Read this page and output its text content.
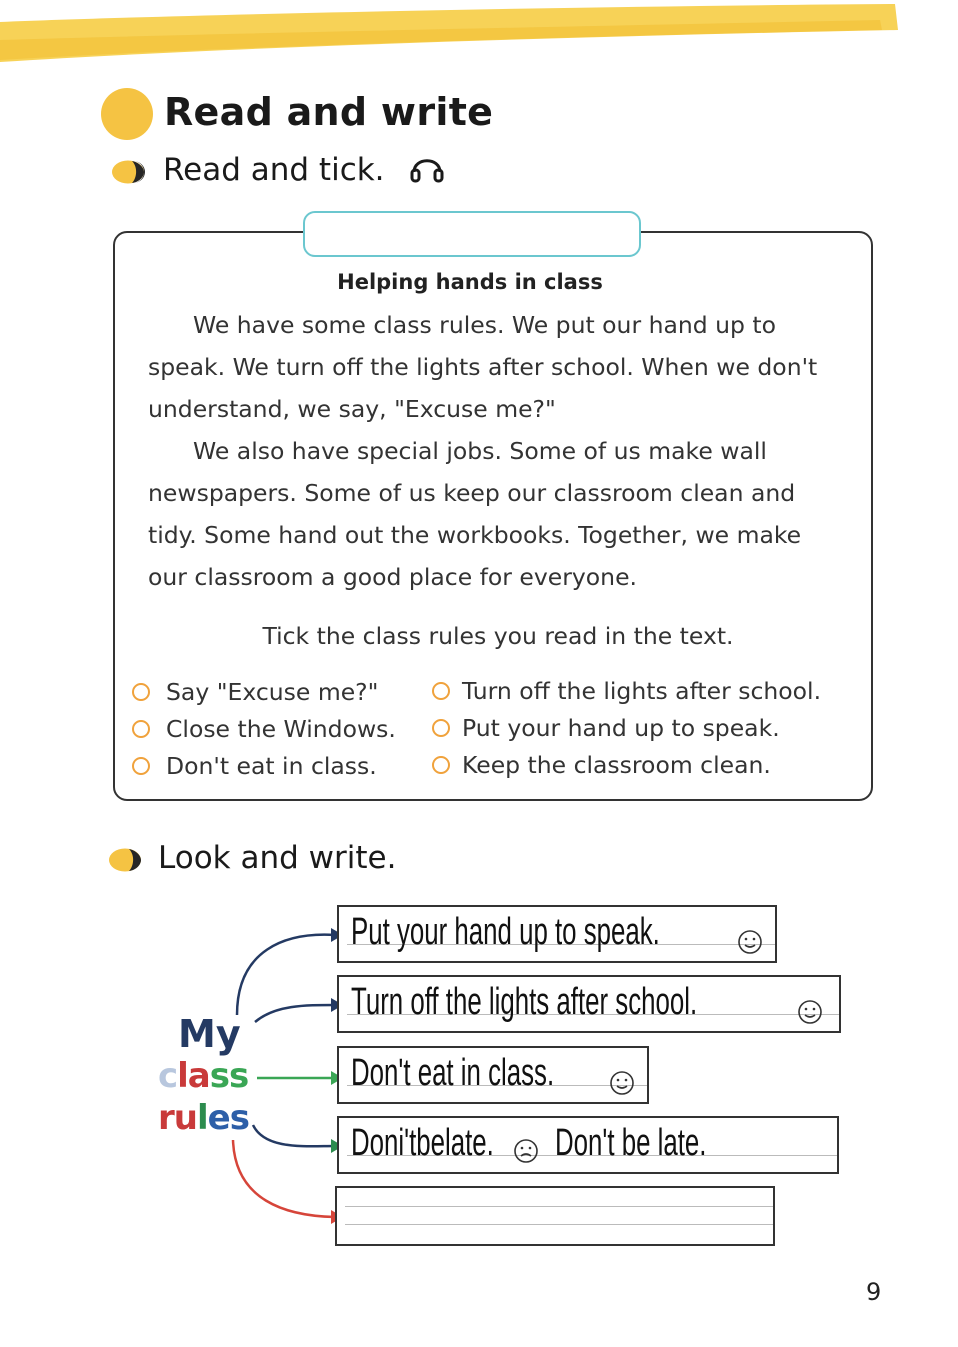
Read and write
Read and tick.
Helping hands in class

We have some class rules. We put our hand up to speak. We turn off the lights after school. When we don't understand, we say, "Excuse me?"

We also have special jobs. Some of us make wall newspapers. Some of us keep our classroom clean and tidy. Some hand out the workbooks. Together, we make our classroom a good place for everyone.

Tick the class rules you read in the text.
Say "Excuse me?"
Close the Windows.
Don't eat in class.
Turn off the lights after school.
Put your hand up to speak.
Keep the classroom clean.
Look and write.
My
class
rules
Put your hand up to speak.
Turn off the lights after school.
Don't eat in class.
Doni'tbelate. Don't be late.
9
